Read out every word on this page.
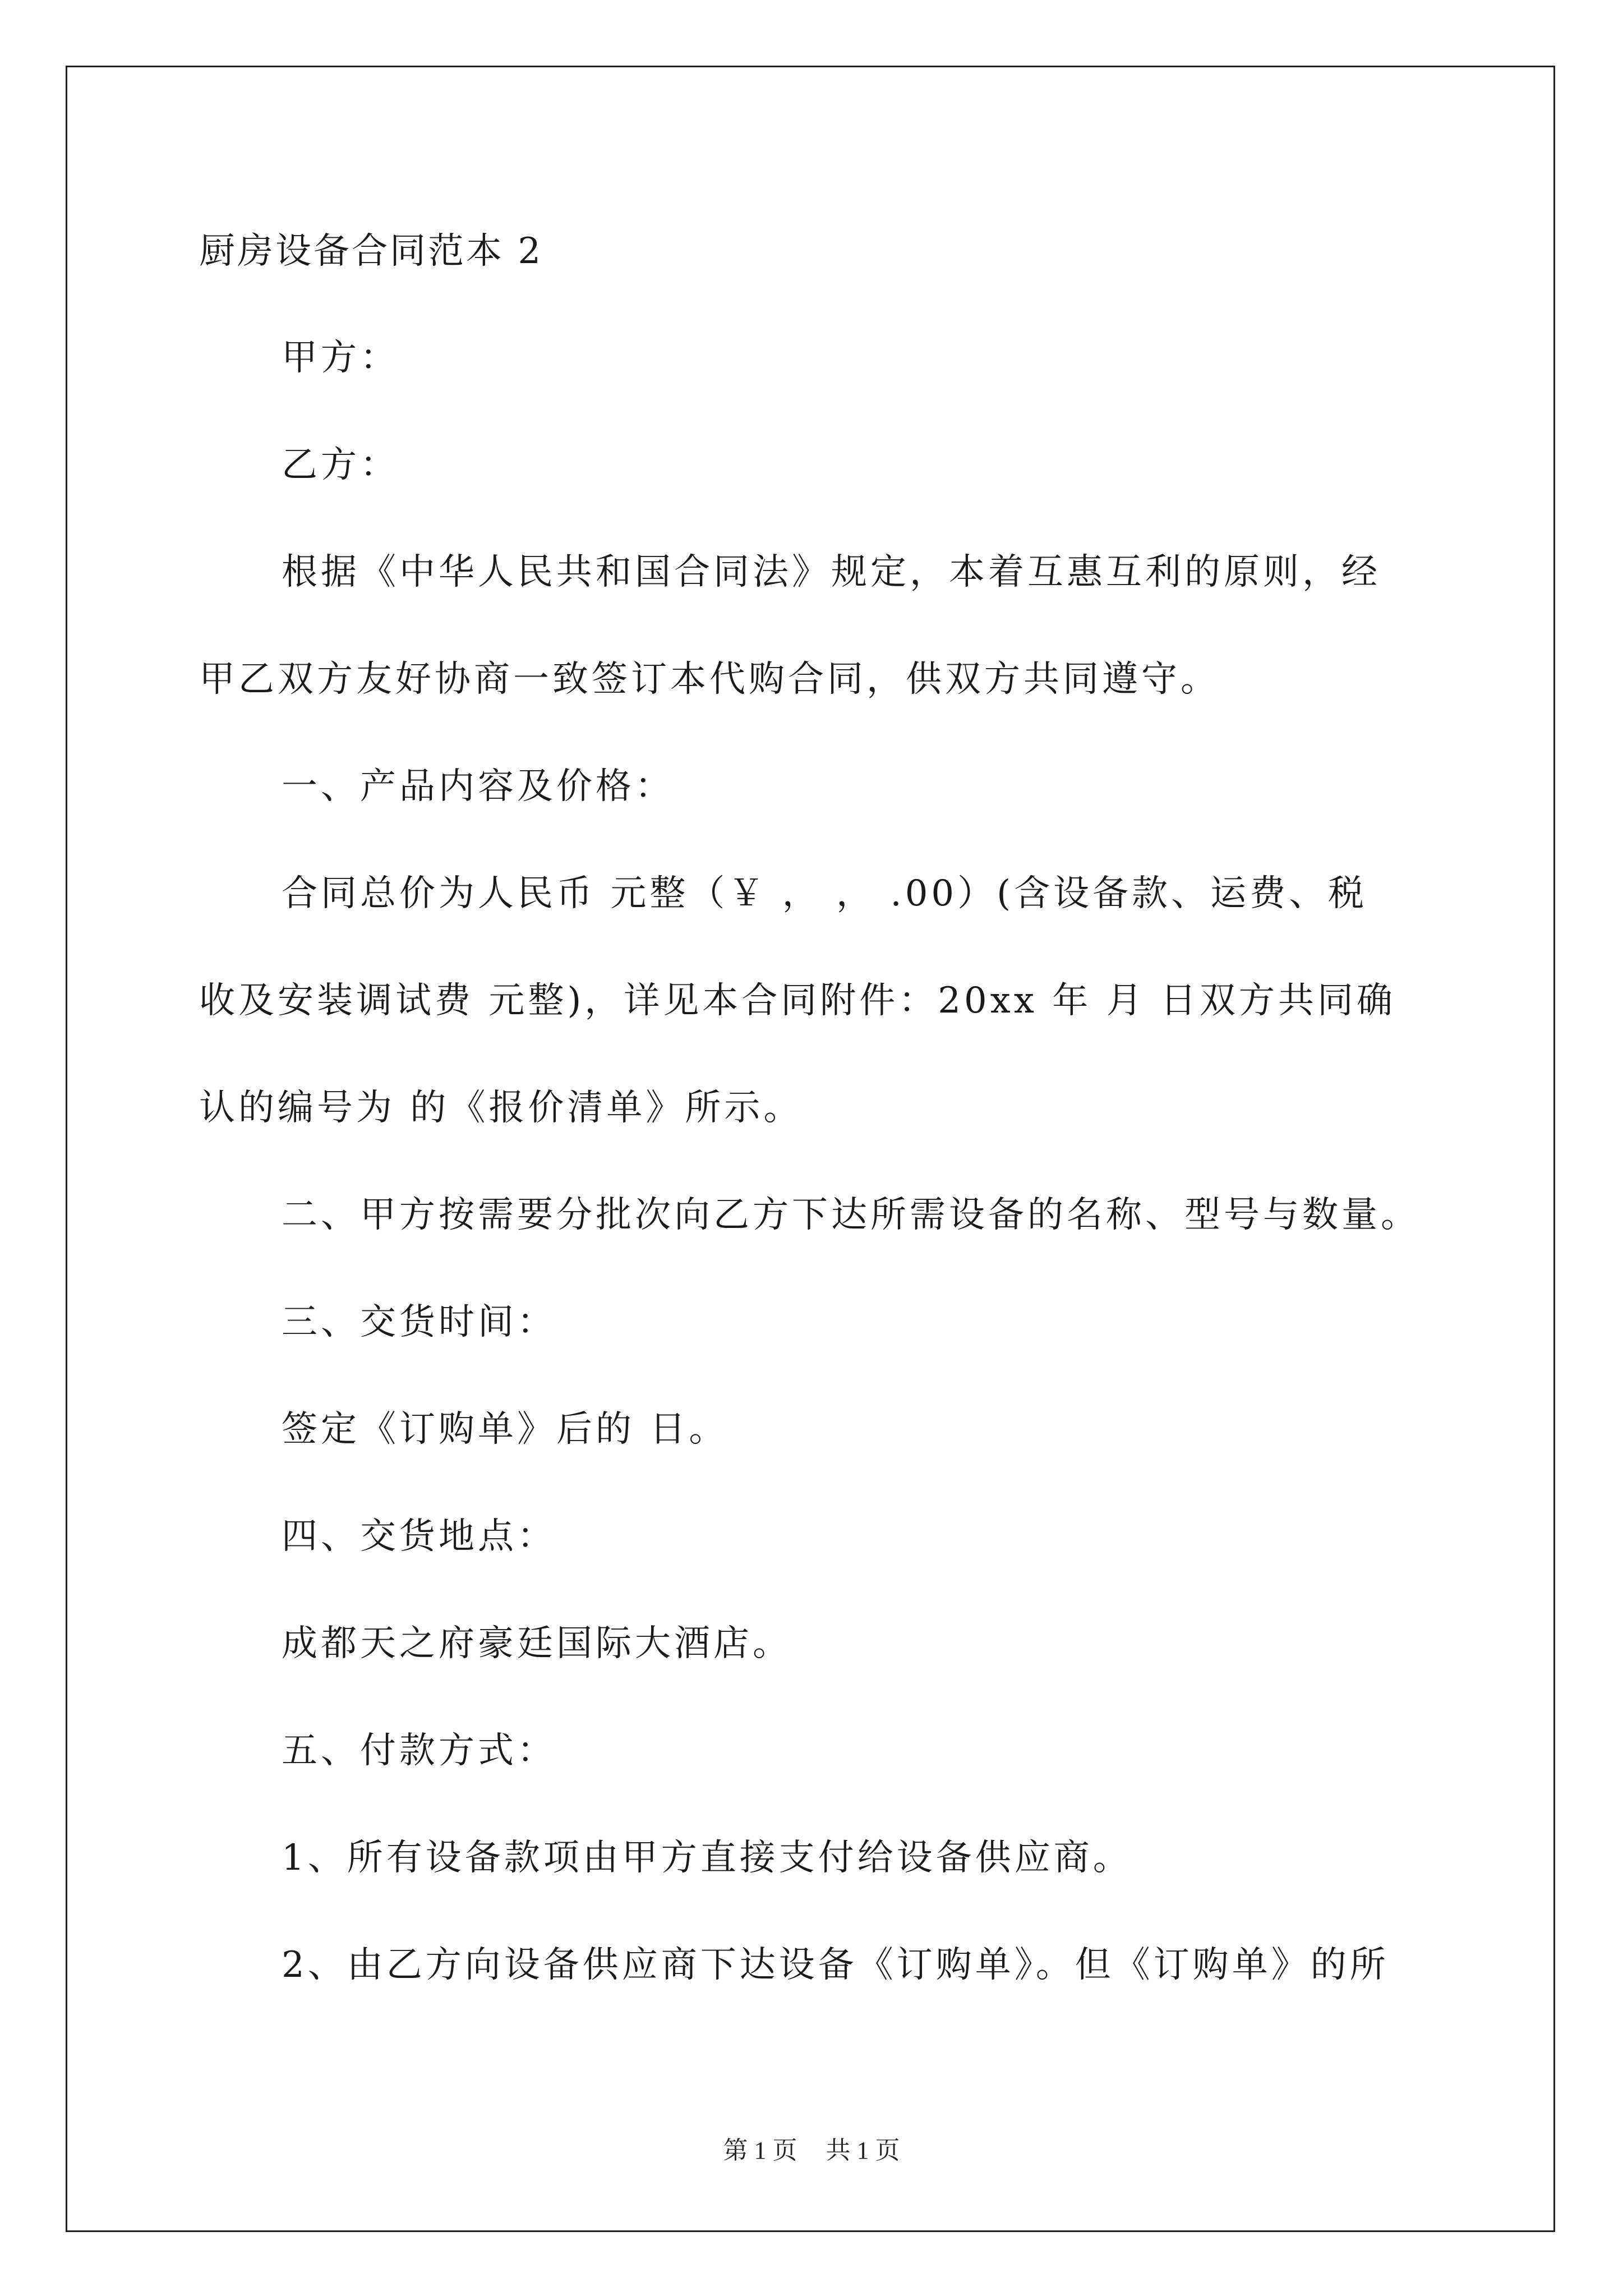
厨房设备合同范本 2
甲方：
乙方：
根据《中华人民共和国合同法》规定，本着互惠互利的原则，经
甲乙双方友好协商一致签订本代购合同，供双方共同遵守。
一、产品内容及价格：
合同总价为人民币 元整（￥ ， ， .00）(含设备款、运费、税
收及安装调试费 元整)，详见本合同附件：20xx 年 月 日双方共同确
认的编号为 的《报价清单》所示。
二、甲方按需要分批次向乙方下达所需设备的名称、型号与数量。
三、交货时间：
签定《订购单》后的 日。
四、交货地点：
成都天之府豪廷国际大酒店。
五、付款方式：
1、所有设备款项由甲方直接支付给设备供应商。
2、由乙方向设备供应商下达设备《订购单》。但《订购单》的所
第 1 页 共 1 页
